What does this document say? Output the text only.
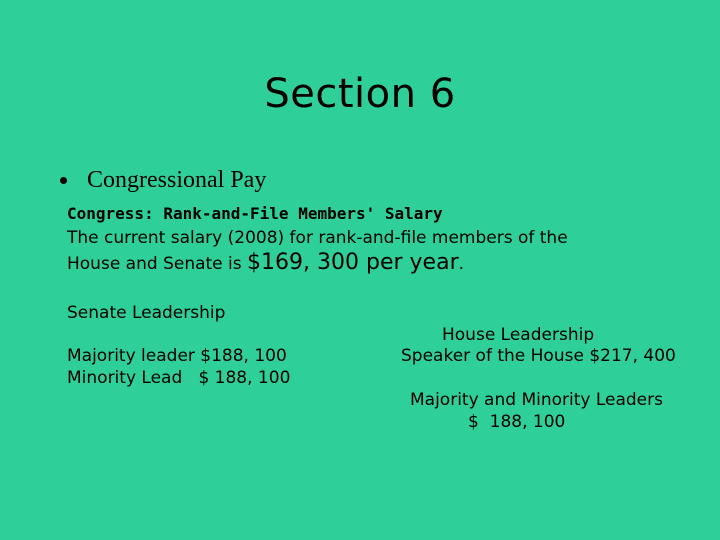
Section 6
Congressional Pay
Congress: Rank-and-File Members' Salary
The current salary (2008) for rank-and-file members of the
House and Senate is $169, 300 per year.
Senate Leadership
Majority leader $188, 100
Minority Lead   $ 188, 100
House Leadership
Speaker of the House $217, 400
Majority and Minority Leaders
$  188, 100
